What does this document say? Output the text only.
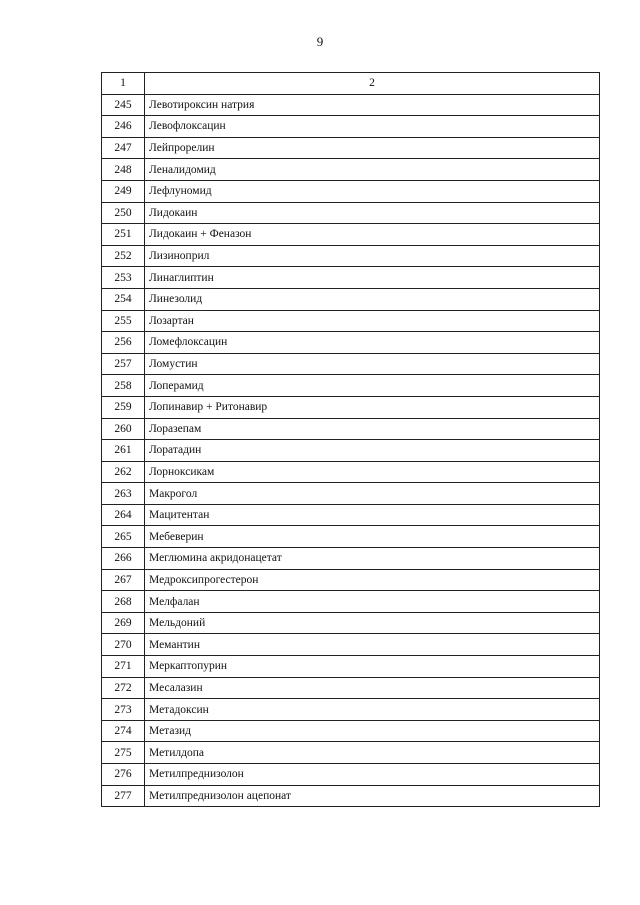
9
1	2
245	Левотироксин натрия
246	Левофлоксацин
247	Лейпрорелин
248	Леналидомид
249	Лефлуномид
250	Лидокаин
251	Лидокаин + Феназон
252	Лизиноприл
253	Линаглиптин
254	Линезолид
255	Лозартан
256	Ломефлоксацин
257	Ломустин
258	Лоперамид
259	Лопинавир + Ритонавир
260	Лоразепам
261	Лоратадин
262	Лорноксикам
263	Макрогол
264	Мацитентан
265	Мебеверин
266	Меглюмина акридонацетат
267	Медроксипрогестерон
268	Мелфалан
269	Мельдоний
270	Мемантин
271	Меркаптопурин
272	Месалазин
273	Метадоксин
274	Метазид
275	Метилдопа
276	Метилпреднизолон
277	Метилпреднизолон ацепонат
